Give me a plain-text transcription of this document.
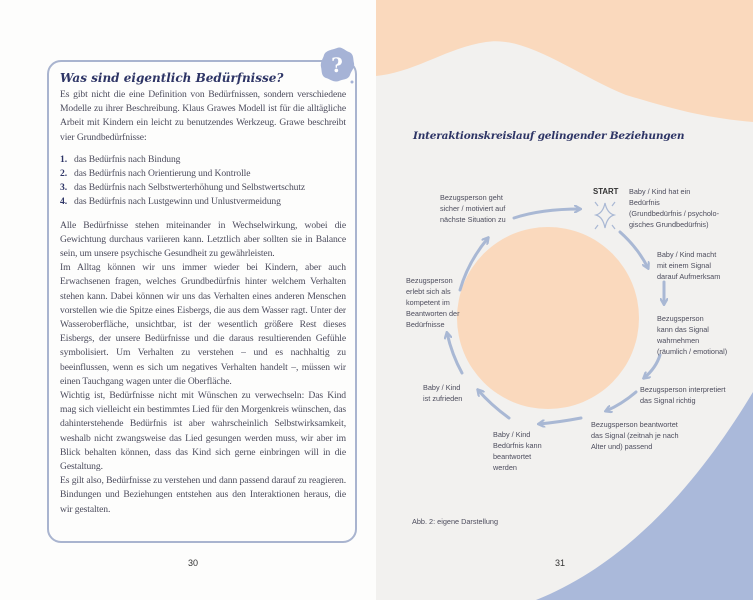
Was sind eigentlich Bedürfnisse?

Es gibt nicht die eine Definition von Bedürfnissen, sondern verschiedene Modelle zu ihrer Beschreibung. Klaus Grawes Modell ist für die alltägliche Arbeit mit Kindern ein leicht zu benutzendes Werkzeug. Grawe beschreibt vier Grundbedürfnisse:

1. das Bedürfnis nach Bindung
2. das Bedürfnis nach Orientierung und Kontrolle
3. das Bedürfnis nach Selbstwerterhöhung und Selbstwertschutz
4. das Bedürfnis nach Lustgewinn und Unlustvermeidung

Alle Bedürfnisse stehen miteinander in Wechselwirkung, wobei die Gewichtung durchaus variieren kann. Letztlich aber sollten sie in Balance sein, um unsere psychische Gesundheit zu gewährleisten.

Im Alltag können wir uns immer wieder bei Kindern, aber auch Erwachsenen fragen, welches Grundbedürfnis hinter welchem Verhalten stehen kann. Dabei können wir uns das Verhalten eines anderen Menschen vorstellen wie die Spitze eines Eisbergs, die aus dem Wasser ragt. Unter der Wasseroberfläche, unsichtbar, ist der wesentlich größere Rest dieses Eisbergs, der unsere Bedürfnisse und die daraus resultierenden Gefühle symbolisiert. Um Verhalten zu verstehen – und es nachhaltig zu beeinflussen, wenn es sich um negatives Verhalten handelt –, müssen wir einen Tauchgang wagen unter die Oberfläche.

Wichtig ist, Bedürfnisse nicht mit Wünschen zu verwechseln: Das Kind mag sich vielleicht ein bestimmtes Lied für den Morgenkreis wünschen, das dahinterstehende Bedürfnis ist aber wahrscheinlich Selbstwirksamkeit, weshalb nicht zwangsweise das Lied gesungen werden muss, wir aber im Blick behalten können, dass das Kind sich gerne einbringen will in die Gestaltung.

Es gilt also, Bedürfnisse zu verstehen und dann passend darauf zu reagieren. Bindungen und Beziehungen entstehen aus den Interaktionen heraus, die wir gestalten.

?
30
Interaktionskreislauf gelingender Beziehungen
START Baby / Kind hat ein
Bedürfnis
(Grundbedürfnis / psycholo-
gisches Grundbedürfnis)
Baby / Kind macht
mit einem Signal
darauf Aufmerksam
Bezugsperson
kann das Signal
wahrnehmen
(räumlich / emotional)
Bezugsperson interpretiert
das Signal richtig
Bezugsperson beantwortet
das Signal (zeitnah je nach
Alter und) passend
Baby / Kind
Bedürfnis kann
beantwortet
werden
Baby / Kind
ist zufrieden
Bezugsperson
erlebt sich als
kompetent im
Beantworten der
Bedürfnisse
Bezugsperson geht
sicher / motiviert auf
nächste Situation zu
Abb. 2: eigene Darstellung
31
